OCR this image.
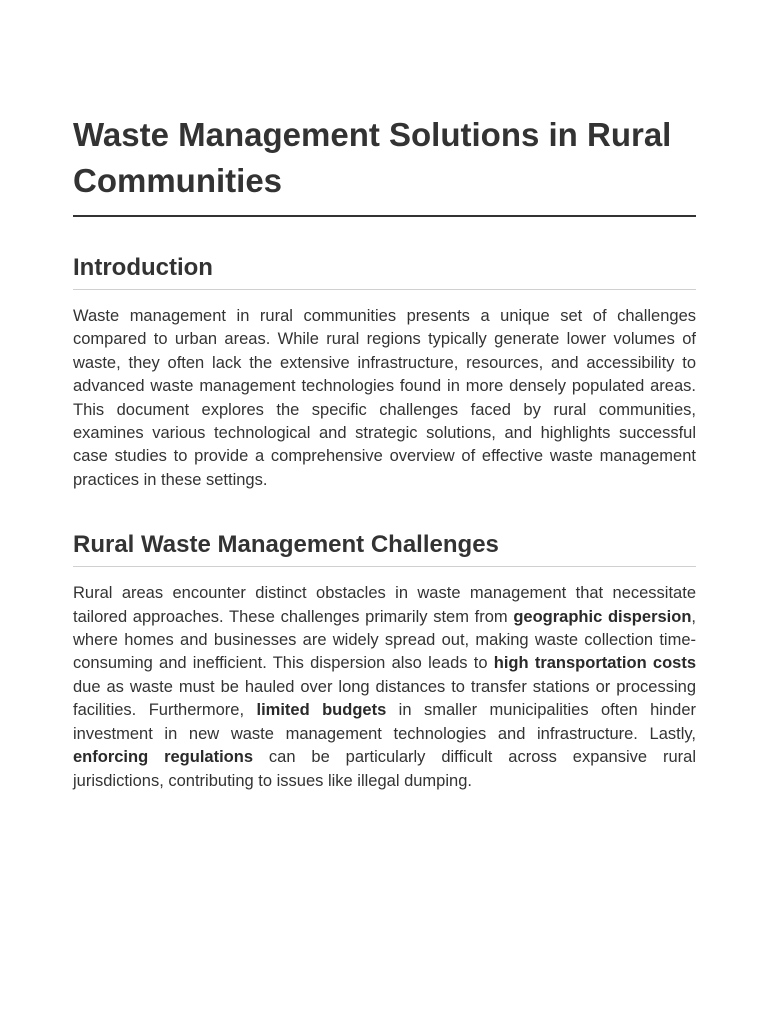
Waste Management Solutions in Rural Communities
Introduction

Waste management in rural communities presents a unique set of challenges compared to urban areas. While rural regions typically generate lower volumes of waste, they often lack the extensive infrastructure, resources, and accessibility to advanced waste management technologies found in more densely populated areas. This document explores the specific challenges faced by rural communities, examines various technological and strategic solutions, and highlights successful case studies to provide a comprehensive overview of effective waste management practices in these settings.

Rural Waste Management Challenges

Rural areas encounter distinct obstacles in waste management that necessitate tailored approaches. These challenges primarily stem from geographic dispersion, where homes and businesses are widely spread out, making waste collection time-consuming and inefficient. This dispersion also leads to high transportation costs due as waste must be hauled over long distances to transfer stations or processing facilities. Furthermore, limited budgets in smaller municipalities often hinder investment in new waste management technologies and infrastructure. Lastly, enforcing regulations can be particularly difficult across expansive rural jurisdictions, contributing to issues like illegal dumping.
